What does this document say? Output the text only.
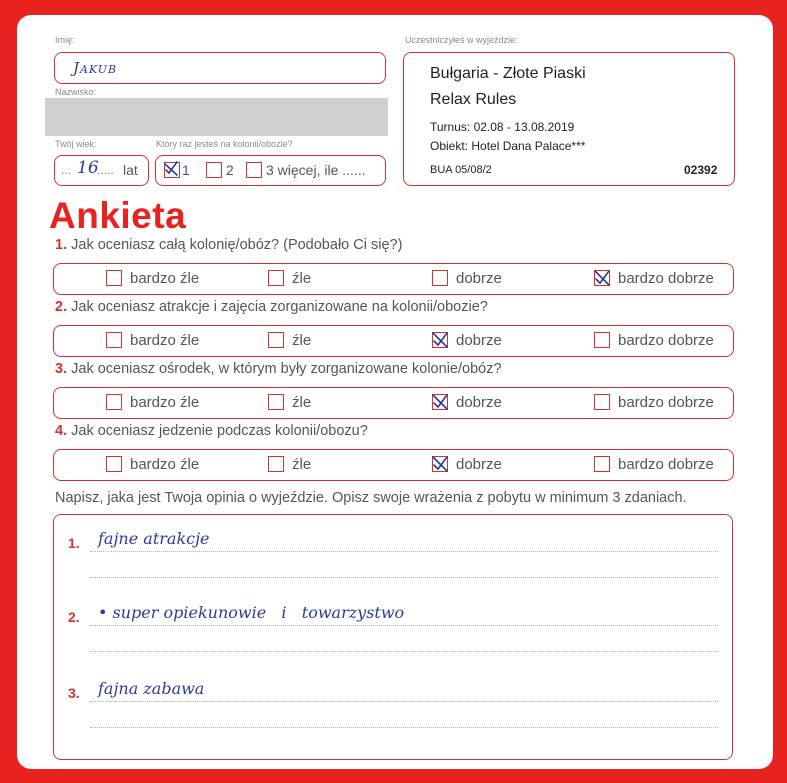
Imię:
Jakub
Nazwisko:
Twój wiek:
... 16
..... lat
Który raz jesteś na kolonii/obozie?
1	2 3 więcej, ile ......
Uczestniczyłeś w wyjeździe:
Bułgaria - Złote Piaski
Relax Rules
Turnus: 02.08 - 13.08.2019
Obiekt: Hotel Dana Palace***
BUA 05/08/2	02392
Ankieta
1. Jak oceniasz całą kolonię/obóz? (Podobało Ci się?)
bardzo źle	źle	dobrze	bardzo dobrze
2. Jak oceniasz atrakcje i zajęcia zorganizowane na kolonii/obozie?
bardzo źle	źle	dobrze	bardzo dobrze
3. Jak oceniasz ośrodek, w którym były zorganizowane kolonie/obóz?
bardzo źle	źle	dobrze	bardzo dobrze
4. Jak oceniasz jedzenie podczas kolonii/obozu?
bardzo źle	źle	dobrze	bardzo dobrze
Napisz, jaka jest Twoja opinia o wyjeździe. Opisz swoje wrażenia z pobytu w minimum 3 zdaniach.
1. fajne atrakcje
2. • super opiekunowie   i   towarzystwo
3. fajna zabawa
